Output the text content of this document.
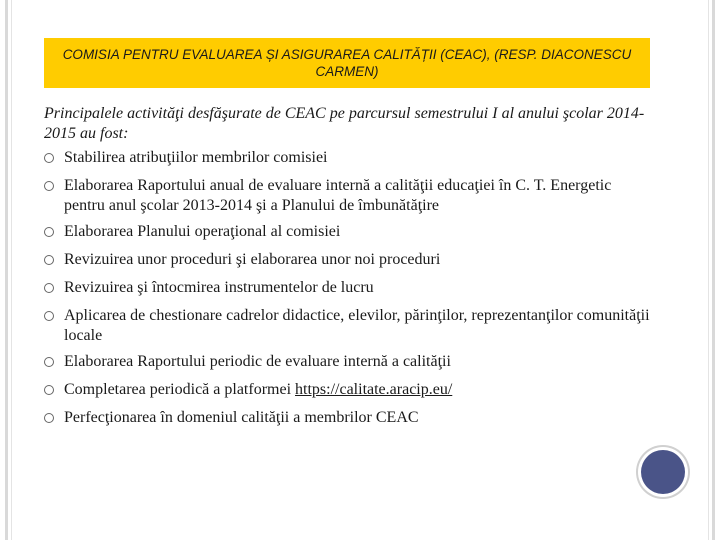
COMISIA PENTRU EVALUAREA ȘI ASIGURAREA CALITĂȚII (CEAC), (RESP. DIACONESCU CARMEN)

Principalele activităţi desfăşurate de CEAC pe parcursul semestrului I al anului şcolar 2014-2015 au fost:

Stabilirea atribuţiilor membrilor comisiei
Elaborarea Raportului anual de evaluare internă a calităţii educaţiei în C. T. Energetic pentru anul şcolar 2013-2014 şi a Planului de îmbunătăţire
Elaborarea Planului operaţional al comisiei
Revizuirea unor proceduri şi elaborarea unor noi proceduri
Revizuirea şi întocmirea instrumentelor de lucru
Aplicarea de chestionare cadrelor didactice, elevilor, părinţilor, reprezentanţilor comunităţii locale
Elaborarea Raportului periodic de evaluare internă a calităţii
Completarea periodică a platformei https://calitate.aracip.eu/
Perfecţionarea în domeniul calităţii a membrilor CEAC
